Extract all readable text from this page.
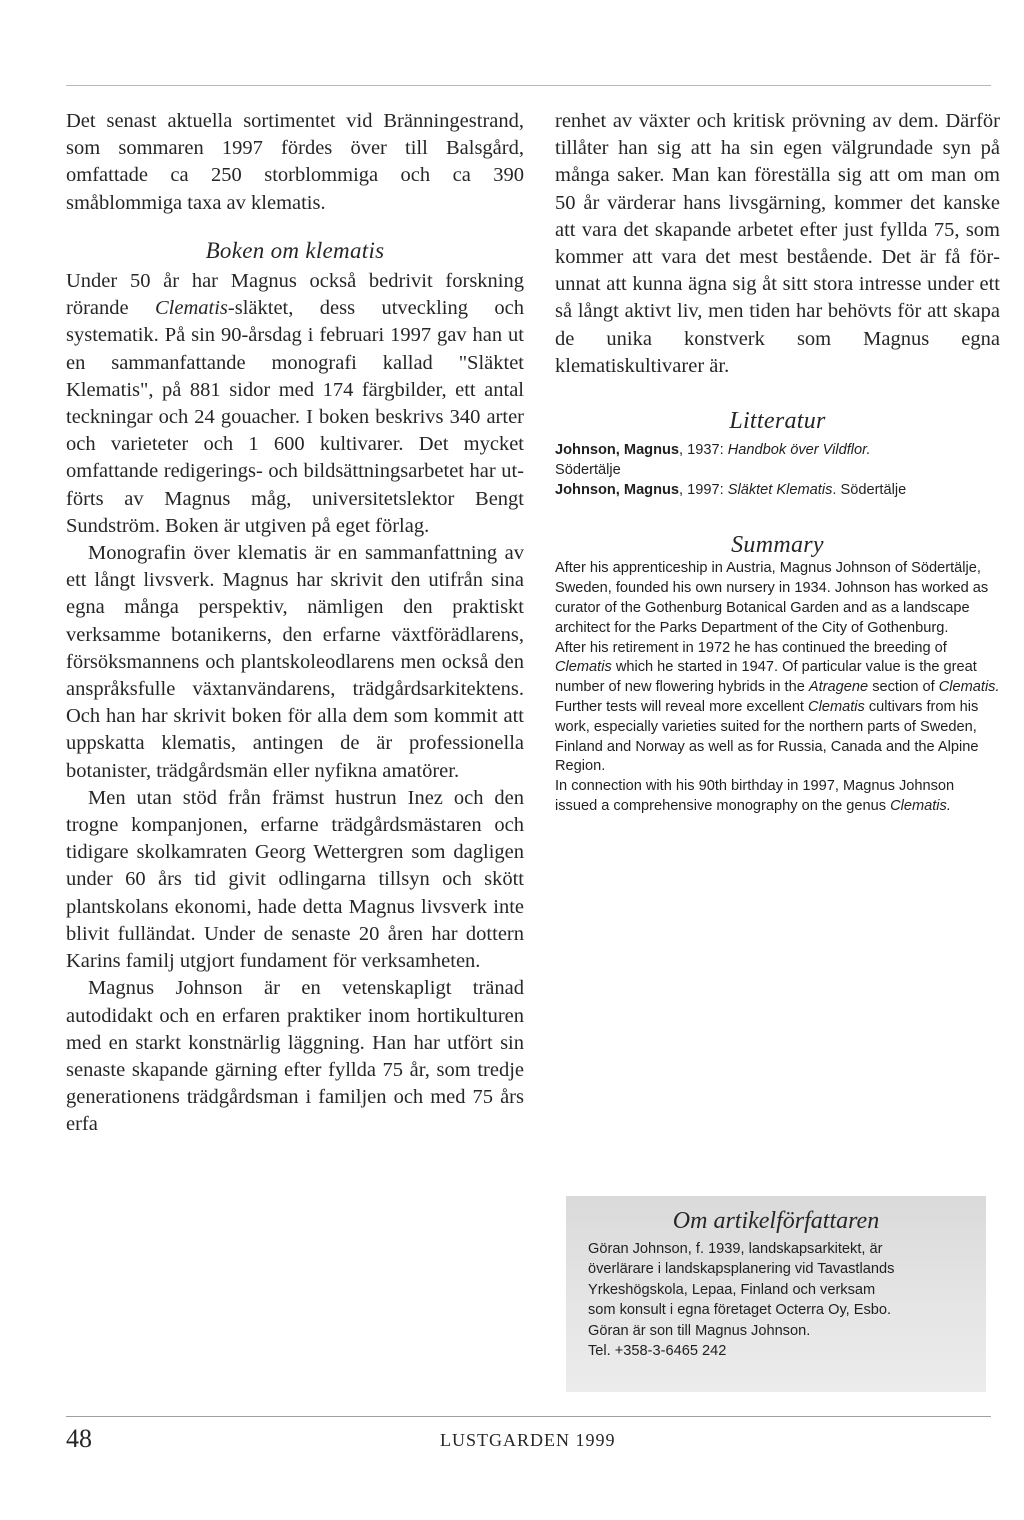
Det senast aktuella sortimentet vid Bränningestrand, som sommaren 1997 fördes över till Balsgård, omfattade ca 250 storblommiga och ca 390 småblommiga taxa av klematis.

Boken om klematis

Under 50 år har Magnus också bedrivit forskning rörande Clematis-släktet, dess utveckling och systematik. På sin 90-årsdag i februari 1997 gav han ut en sammanfattande monografi kallad "Släktet Klematis", på 881 sidor med 174 färgbilder, ett antal teckningar och 24 gouacher. I boken beskrivs 340 arter och varieteter och 1 600 kultivarer. Det mycket omfattande redigerings- och bildsättningsarbetet har utförts av Magnus måg, universitetslektor Bengt Sundström. Boken är utgiven på eget förlag.

Monografin över klematis är en sammanfattning av ett långt livsverk. Magnus har skrivit den utifrån sina egna många perspektiv, nämligen den praktiskt verksamme botanikerns, den erfarne växtförädlarens, försöksmannens och plantskoleodlarens men också den anspråksfulle växtanvändarens, trädgårdsarkitektens. Och han har skrivit boken för alla dem som kommit att uppskatta klematis, antingen de är professionella botanister, trädgårdsmän eller nyfikna amatörer.

Men utan stöd från främst hustrun Inez och den trogne kompanjonen, erfarne trädgårdsmästaren och tidigare skolkamraten Georg Wettergren som dagligen under 60 års tid givit odlingarna tillsyn och skött plantskolans ekonomi, hade detta Magnus livsverk inte blivit fulländat. Under de senaste 20 åren har dottern Karins familj utgjort fundament för verksamheten.

Magnus Johnson är en vetenskapligt tränad autodidakt och en erfaren praktiker inom hortikulturen med en starkt konstnärlig läggning. Han har utfört sin senaste skapande gärning efter fyllda 75 år, som tredje generationens trädgårdsman i familjen och med 75 års erfa

renhet av växter och kritisk prövning av dem. Därför tillåter han sig att ha sin egen välgrundade syn på många saker. Man kan föreställa sig att om man om 50 år värderar hans livsgärning, kommer det kanske att vara det skapande arbetet efter just fyllda 75, som kommer att vara det mest bestående. Det är få förunnat att kunna ägna sig åt sitt stora intresse under ett så långt aktivt liv, men tiden har behövts för att skapa de unika konstverk som Magnus egna klematiskultivarer är.

Litteratur

Johnson, Magnus, 1937: Handbok över Vildflor.
Södertälje

Johnson, Magnus, 1997: Släktet Klematis. Södertälje

Summary

After his apprenticeship in Austria, Magnus Johnson of Södertälje, Sweden, founded his own nursery in 1934. Johnson has worked as curator of the Gothenburg Botanical Garden and as a landscape architect for the Parks Department of the City of Gothenburg.

After his retirement in 1972 he has continued the breeding of Clematis which he started in 1947. Of particular value is the great number of new flowering hybrids in the Atragene section of Clematis. Further tests will reveal more excellent Clematis cultivars from his work, especially varieties suited for the northern parts of Sweden, Finland and Norway as well as for Russia, Canada and the Alpine Region.

In connection with his 90th birthday in 1997, Magnus Johnson issued a comprehensive monography on the genus Clematis.

Om artikelförfattaren

Göran Johnson, f. 1939, landskapsarkitekt, är

överlärare i landskapsplanering vid Tavastlands

Yrkeshögskola, Lepaa, Finland och verksam

som konsult i egna företaget Octerra Oy, Esbo.

Göran är son till Magnus Johnson.

Tel. +358-3-6465 242

48	LUSTGARDEN 1999
